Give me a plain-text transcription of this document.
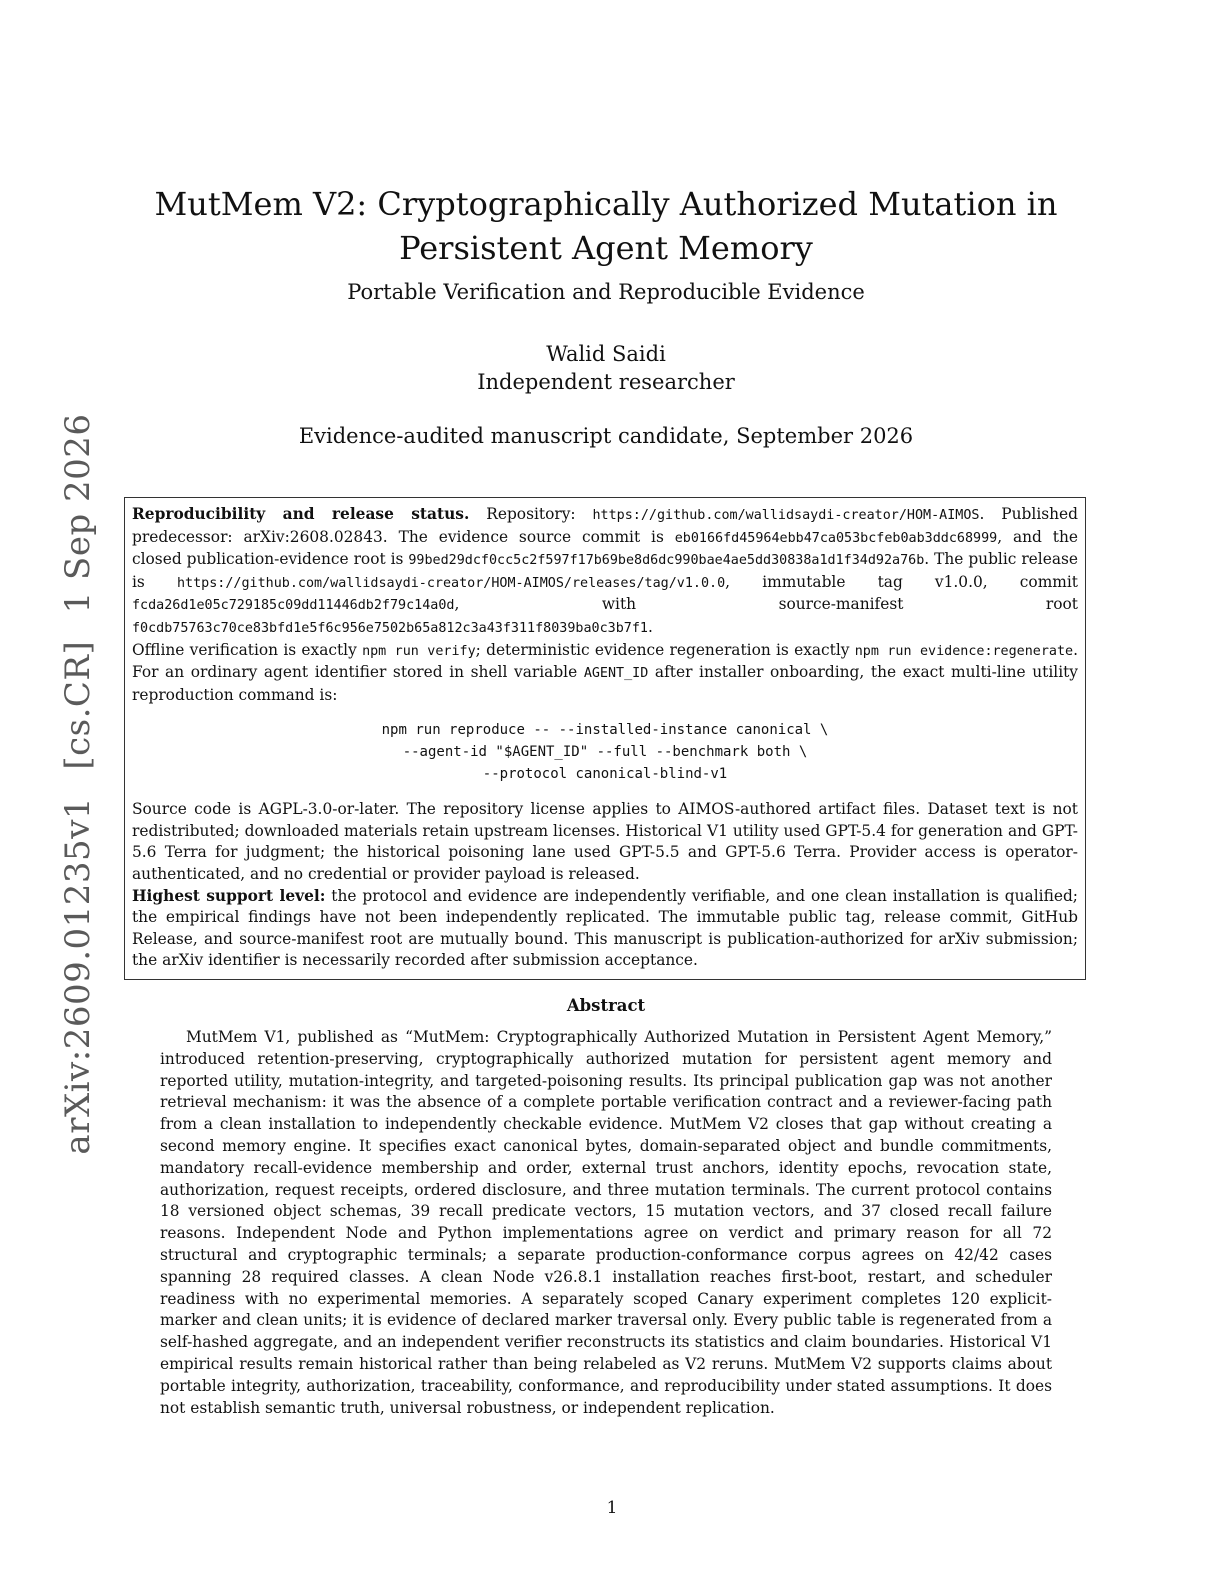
arXiv:2609.01235v1 [cs.CR] 1 Sep 2026
MutMem V2: Cryptographically Authorized Mutation in Persistent Agent Memory
Portable Verification and Reproducible Evidence
Walid Saidi
Independent researcher
Evidence-audited manuscript candidate, September 2026

Reproducibility and release status. Repository: https://github.com/wallidsaydi-creator/HOM-AIMOS. Published predecessor: arXiv:2608.02843. The evidence source commit is eb0166fd45964ebb47ca053bcfeb0ab3ddc68999, and the closed publication-evidence root is 99bed29dcf0cc5c2f597f17b69be8d6dc990bae4ae5dd30838a1d1f34d92a76b. The public release is https://github.com/wallidsaydi-creator/HOM-AIMOS/releases/tag/v1.0.0, immutable tag v1.0.0, commit fcda26d1e05c729185c09dd11446db2f79c14a0d, with source-manifest root f0cdb75763c70ce83bfd1e5f6c956e7502b65a812c3a43f311f8039ba0c3b7f1.

Offline verification is exactly npm run verify; deterministic evidence regeneration is exactly npm run evidence:regenerate. For an ordinary agent identifier stored in shell variable AGENT_ID after installer onboarding, the exact multi-line utility reproduction command is:

npm run reproduce -- --installed-instance canonical \
--agent-id "$AGENT_ID" --full --benchmark both \
--protocol canonical-blind-v1

Source code is AGPL-3.0-or-later. The repository license applies to AIMOS-authored artifact files. Dataset text is not redistributed; downloaded materials retain upstream licenses. Historical V1 utility used GPT-5.4 for generation and GPT-5.6 Terra for judgment; the historical poisoning lane used GPT-5.5 and GPT-5.6 Terra. Provider access is operator-authenticated, and no credential or provider payload is released.

Highest support level: the protocol and evidence are independently verifiable, and one clean installation is qualified; the empirical findings have not been independently replicated. The immutable public tag, release commit, GitHub Release, and source-manifest root are mutually bound. This manuscript is publication-authorized for arXiv submission; the arXiv identifier is necessarily recorded after submission acceptance.

Abstract

MutMem V1, published as “MutMem: Cryptographically Authorized Mutation in Persistent Agent Memory,” introduced retention-preserving, cryptographically authorized mutation for persistent agent memory and reported utility, mutation-integrity, and targeted-poisoning results. Its principal publication gap was not another retrieval mechanism: it was the absence of a complete portable verification contract and a reviewer-facing path from a clean installation to independently checkable evidence. MutMem V2 closes that gap without creating a second memory engine. It specifies exact canonical bytes, domain-separated object and bundle commitments, mandatory recall-evidence membership and order, external trust anchors, identity epochs, revocation state, authorization, request receipts, ordered disclosure, and three mutation terminals. The current protocol contains 18 versioned object schemas, 39 recall predicate vectors, 15 mutation vectors, and 37 closed recall failure reasons. Independent Node and Python implementations agree on verdict and primary reason for all 72 structural and cryptographic terminals; a separate production-conformance corpus agrees on 42/42 cases spanning 28 required classes. A clean Node v26.8.1 installation reaches first-boot, restart, and scheduler readiness with no experimental memories. A separately scoped Canary experiment completes 120 explicit-marker and clean units; it is evidence of declared marker traversal only. Every public table is regenerated from a self-hashed aggregate, and an independent verifier reconstructs its statistics and claim boundaries. Historical V1 empirical results remain historical rather than being relabeled as V2 reruns. MutMem V2 supports claims about portable integrity, authorization, traceability, conformance, and reproducibility under stated assumptions. It does not establish semantic truth, universal robustness, or independent replication.

1
